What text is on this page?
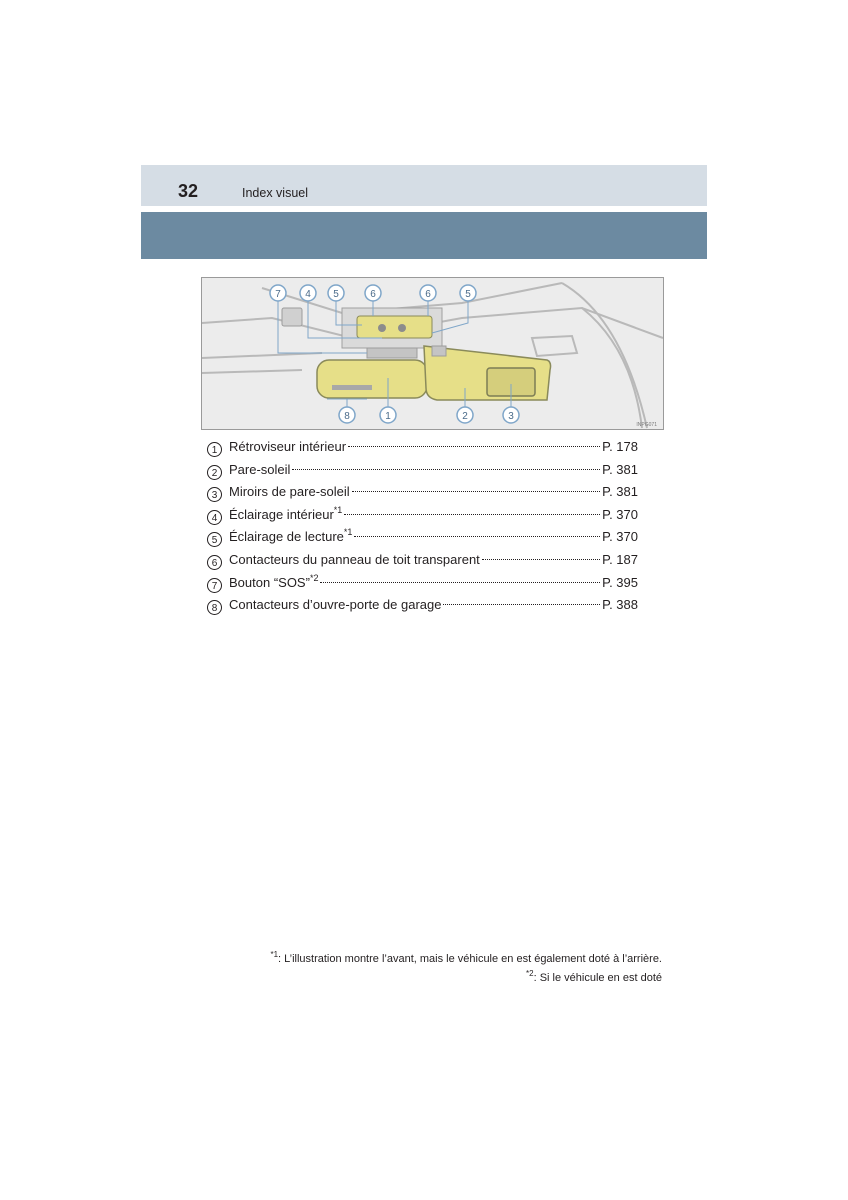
32	Index visuel
7 4 5	6	6	5
8	1	2	3
INPG071
1 Rétroviseur intérieur	P. 178
2 Pare-soleil	P. 381
3 Miroirs de pare-soleil	P. 381
4 Éclairage intérieur *1	P. 370
5 Éclairage de lecture *1	P. 370
6 Contacteurs du panneau de toit transparent	P. 187
7 Bouton “SOS” *2	P. 395
8 Contacteurs d’ouvre-porte de garage	P. 388
$^{*1}$: L’illustration montre l’avant, mais le véhicule en est également doté à l’arrière.
$^{*2}$: Si le véhicule en est doté
